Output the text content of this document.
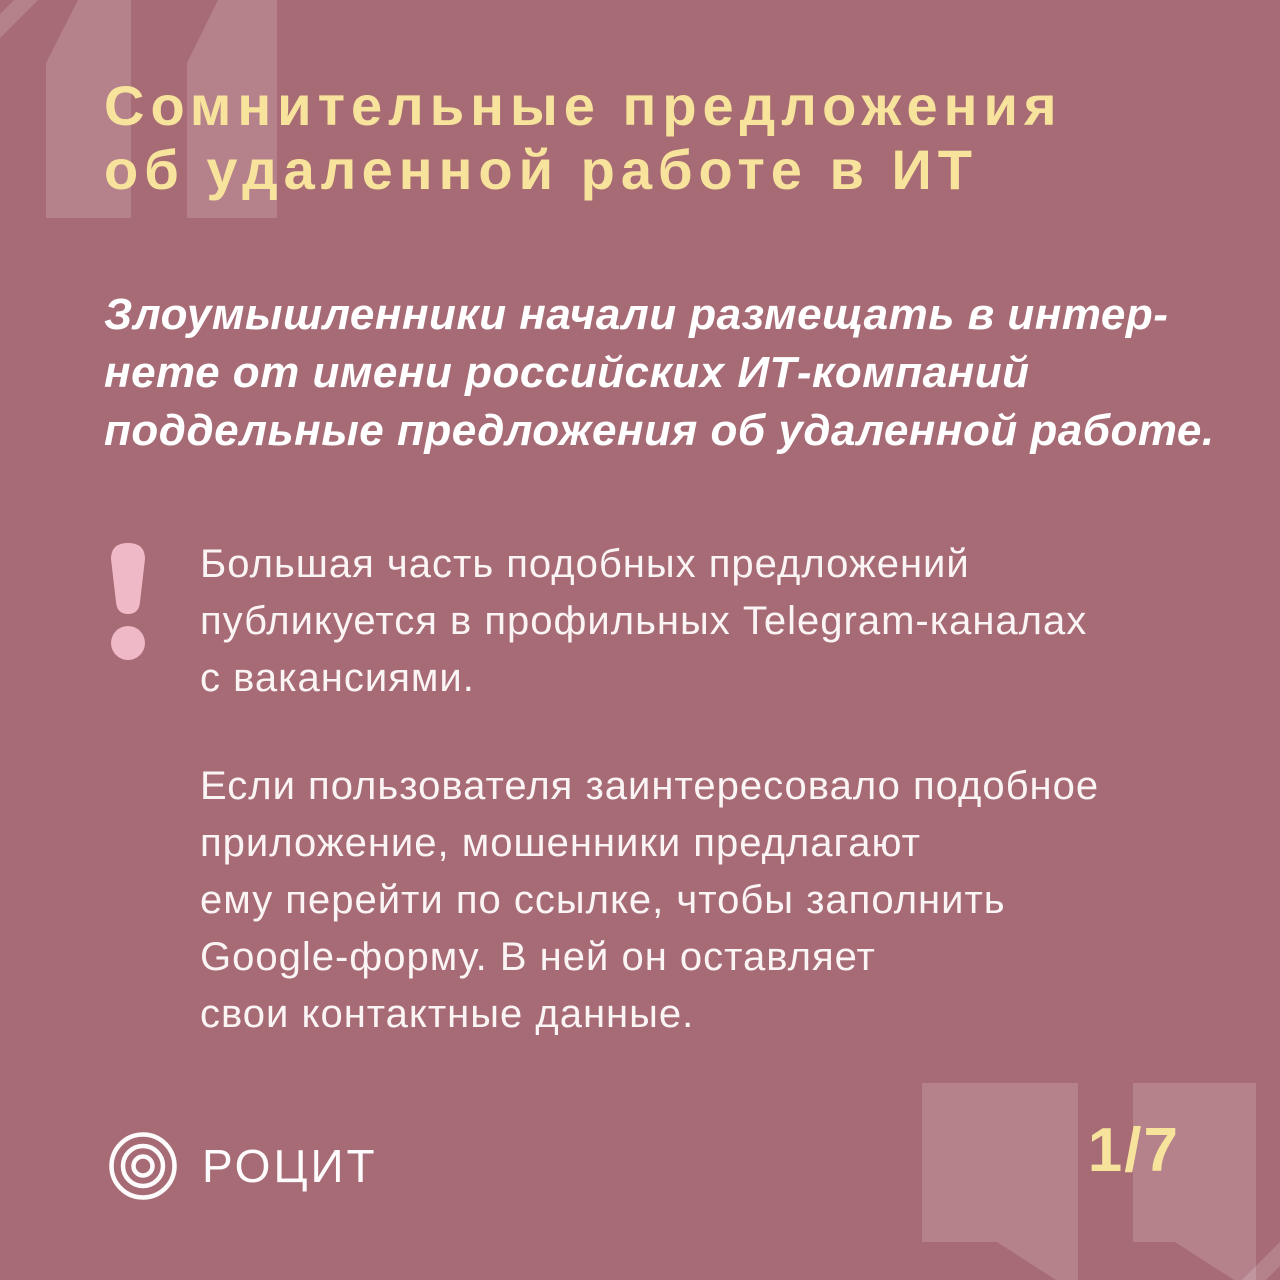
Сомнительные предложения
об удаленной работе в ИТ

Злоумышленники начали размещать в интер-
нете от имени российских ИТ-компаний
поддельные предложения об удаленной работе.

Большая часть подобных предложений
публикуется в профильных Telegram-каналах
с вакансиями.

Если пользователя заинтересовало подобное
приложение, мошенники предлагают
ему перейти по ссылке, чтобы заполнить
Google-форму. В ней он оставляет
свои контактные данные.

РОЦИТ	1/7
